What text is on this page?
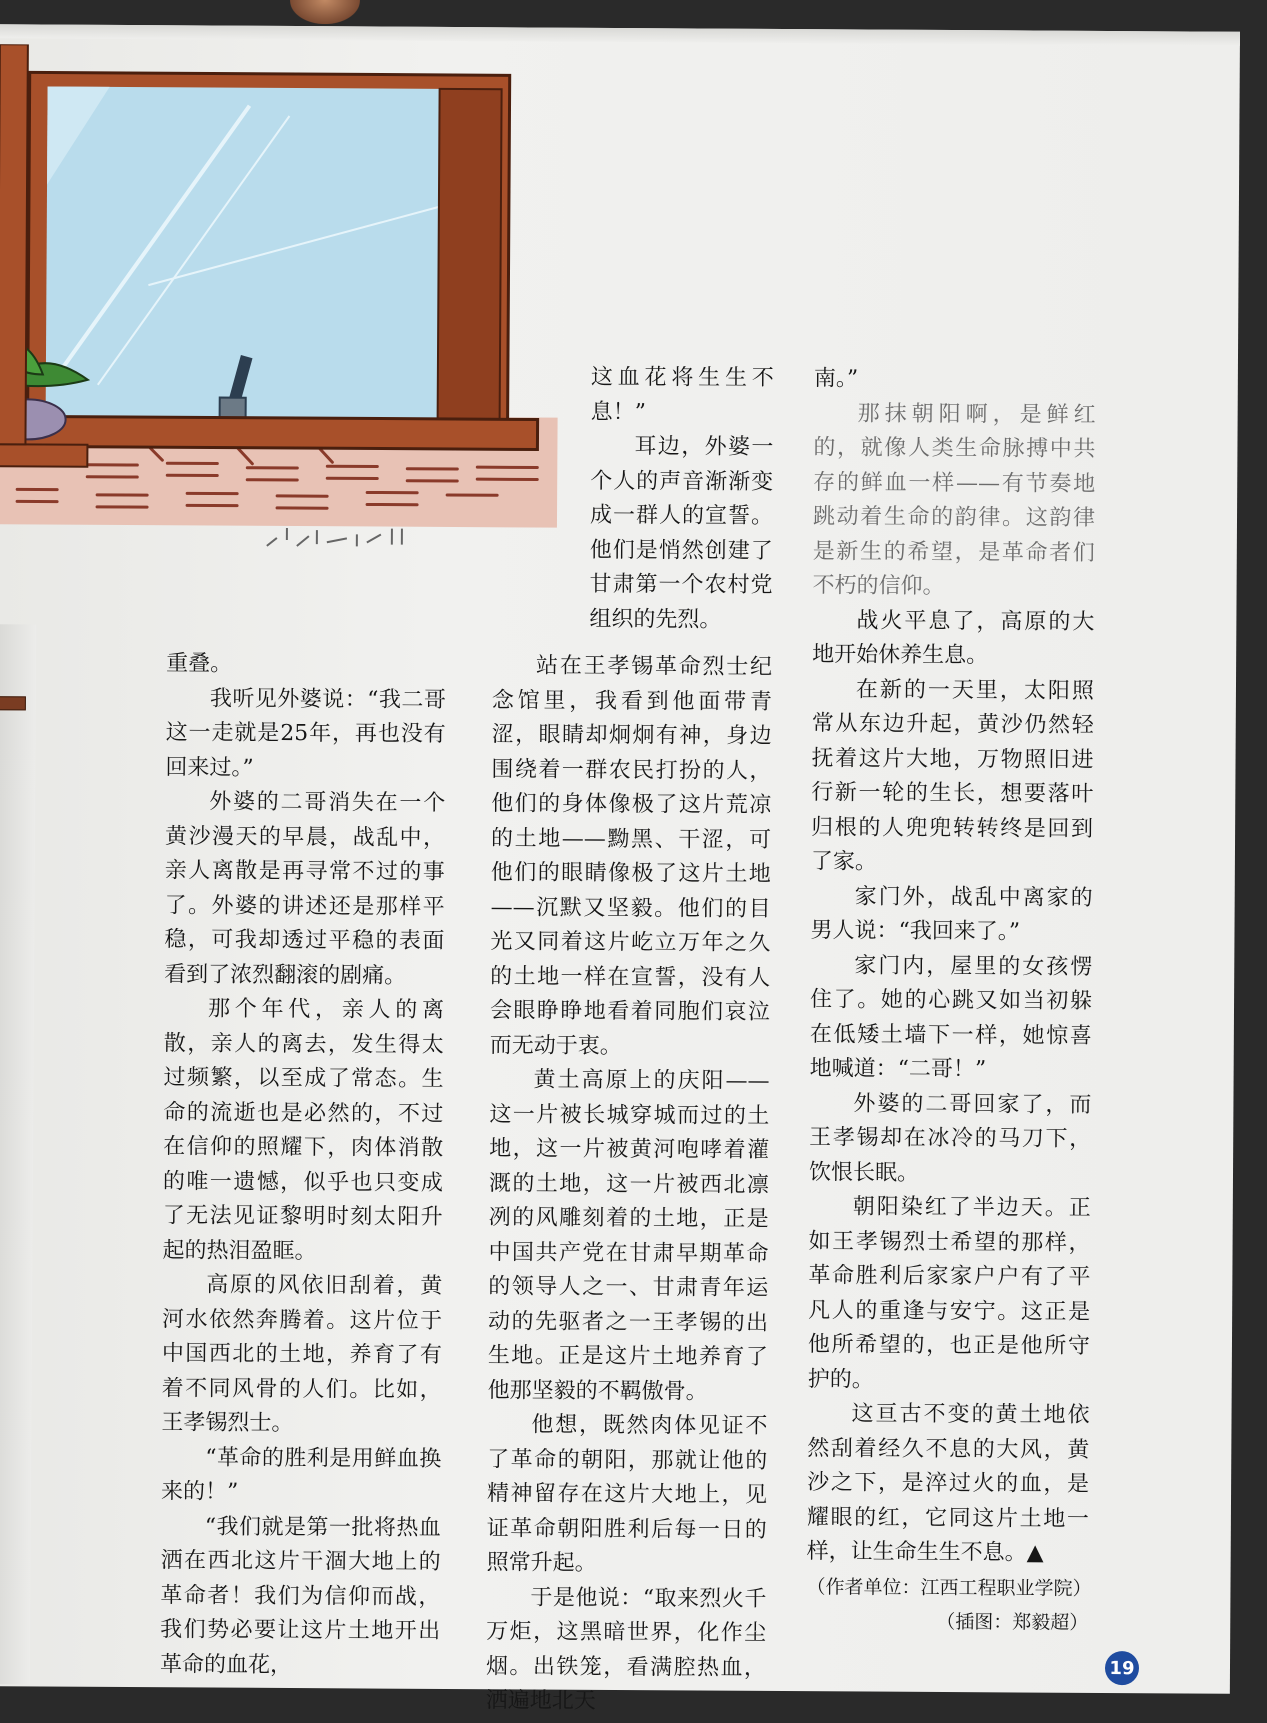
这血花将生生不息！”

耳边，外婆一个人的声音渐渐变成一群人的宣誓。他们是悄然创建了甘肃第一个农村党组织的先烈。

重叠。

我听见外婆说：“我二哥这一走就是25年，再也没有回来过。”

外婆的二哥消失在一个黄沙漫天的早晨，战乱中，亲人离散是再寻常不过的事了。外婆的讲述还是那样平稳，可我却透过平稳的表面看到了浓烈翻滚的剧痛。

那个年代，亲人的离散，亲人的离去，发生得太过频繁，以至成了常态。生命的流逝也是必然的，不过在信仰的照耀下，肉体消散的唯一遗憾，似乎也只变成了无法见证黎明时刻太阳升起的热泪盈眶。

高原的风依旧刮着，黄河水依然奔腾着。这片位于中国西北的土地，养育了有着不同风骨的人们。比如，王孝锡烈士。

“革命的胜利是用鲜血换来的！”

“我们就是第一批将热血洒在西北这片干涸大地上的革命者！我们为信仰而战，我们势必要让这片土地开出革命的血花，

站在王孝锡革命烈士纪念馆里，我看到他面带青涩，眼睛却炯炯有神，身边围绕着一群农民打扮的人，他们的身体像极了这片荒凉的土地——黝黑、干涩，可他们的眼睛像极了这片土地——沉默又坚毅。他们的目光又同着这片屹立万年之久的土地一样在宣誓，没有人会眼睁睁地看着同胞们哀泣而无动于衷。

黄土高原上的庆阳——这一片被长城穿城而过的土地，这一片被黄河咆哮着灌溉的土地，这一片被西北凛冽的风雕刻着的土地，正是中国共产党在甘肃早期革命的领导人之一、甘肃青年运动的先驱者之一王孝锡的出生地。正是这片土地养育了他那坚毅的不羁傲骨。

他想，既然肉体见证不了革命的朝阳，那就让他的精神留存在这片大地上，见证革命朝阳胜利后每一日的照常升起。

于是他说：“取来烈火千万炬，这黑暗世界，化作尘烟。出铁笼，看满腔热血，洒遍地北天

南。”

那抹朝阳啊，是鲜红的，就像人类生命脉搏中共存的鲜血一样——有节奏地跳动着生命的韵律。这韵律是新生的希望，是革命者们不朽的信仰。

战火平息了，高原的大地开始休养生息。

在新的一天里，太阳照常从东边升起，黄沙仍然轻抚着这片大地，万物照旧进行新一轮的生长，想要落叶归根的人兜兜转转终是回到了家。

家门外，战乱中离家的男人说：“我回来了。”

家门内，屋里的女孩愣住了。她的心跳又如当初躲在低矮土墙下一样，她惊喜地喊道：“二哥！”

外婆的二哥回家了，而王孝锡却在冰冷的马刀下，饮恨长眠。

朝阳染红了半边天。正如王孝锡烈士希望的那样，革命胜利后家家户户有了平凡人的重逢与安宁。这正是他所希望的，也正是他所守护的。

这亘古不变的黄土地依然刮着经久不息的大风，黄沙之下，是淬过火的血，是耀眼的红，它同这片土地一样，让生命生生不息。▲

（作者单位：江西工程职业学院）

（插图：郑毅超）

19
